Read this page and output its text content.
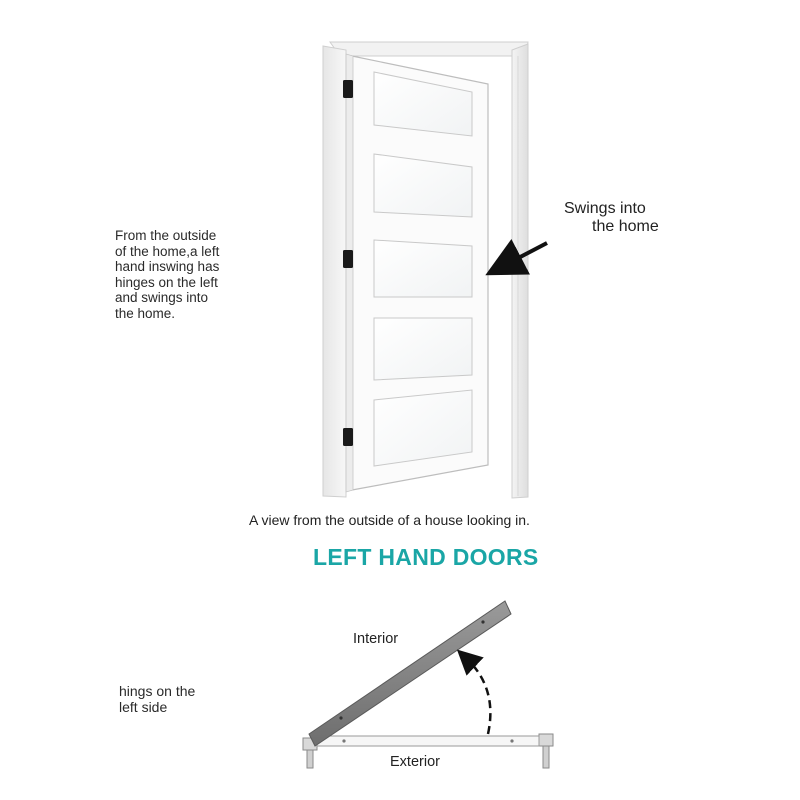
From the outside
of the home,a left
hand inswing has
hinges on the left
and swings into
the home.
Swings into
the home
A view from the outside of a house looking in.
LEFT HAND DOORS
hings on the
left side
Interior
Exterior
